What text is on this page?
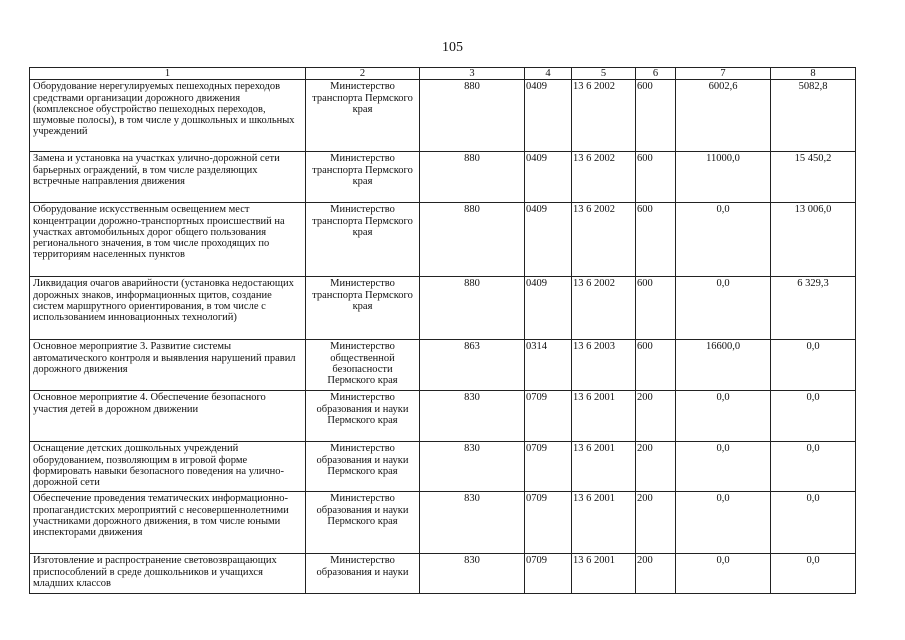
105
1	2	3	4	5	6	7	8
Оборудование нерегулируемых пешеходных переходов средствами организации дорожного движения (комплексное обустройство пешеходных переходов, шумовые полосы), в том числе у дошкольных и школьных учреждений	Министерство транспорта Пермского края	880	0409	13 6 2002	600	6002,6	5082,8
Замена и установка на участках улично-дорожной сети барьерных ограждений, в том числе разделяющих встречные направления движения	Министерство транспорта Пермского края	880	0409	13 6 2002	600	11000,0	15 450,2
Оборудование искусственным освещением мест концентрации дорожно-транспортных происшествий на участках автомобильных дорог общего пользования регионального значения, в том числе проходящих по территориям населенных пунктов	Министерство транспорта Пермского края	880	0409	13 6 2002	600	0,0	13 006,0
Ликвидация очагов аварийности (установка недостающих дорожных знаков, информационных щитов, создание систем маршрутного ориентирования, в том числе с использованием инновационных технологий)	Министерство транспорта Пермского края	880	0409	13 6 2002	600	0,0	6 329,3
Основное мероприятие 3. Развитие системы автоматического контроля и выявления нарушений правил дорожного движения	Министерство общественной безопасности Пермского края	863	0314	13 6 2003	600	16600,0	0,0
Основное мероприятие 4. Обеспечение безопасного участия детей в дорожном движении	Министерство образования и науки Пермского края	830	0709	13 6 2001	200	0,0	0,0
Оснащение детских дошкольных учреждений оборудованием, позволяющим в игровой форме формировать навыки безопасного поведения на улично-дорожной сети	Министерство образования и науки Пермского края	830	0709	13 6 2001	200	0,0	0,0
Обеспечение проведения тематических информационно-пропагандистских мероприятий с несовершеннолетними участниками дорожного движения, в том числе юными инспекторами движения	Министерство образования и науки Пермского края	830	0709	13 6 2001	200	0,0	0,0
Изготовление и распространение световозвращающих приспособлений в среде дошкольников и учащихся младших классов	Министерство образования и науки	830	0709	13 6 2001	200	0,0	0,0
